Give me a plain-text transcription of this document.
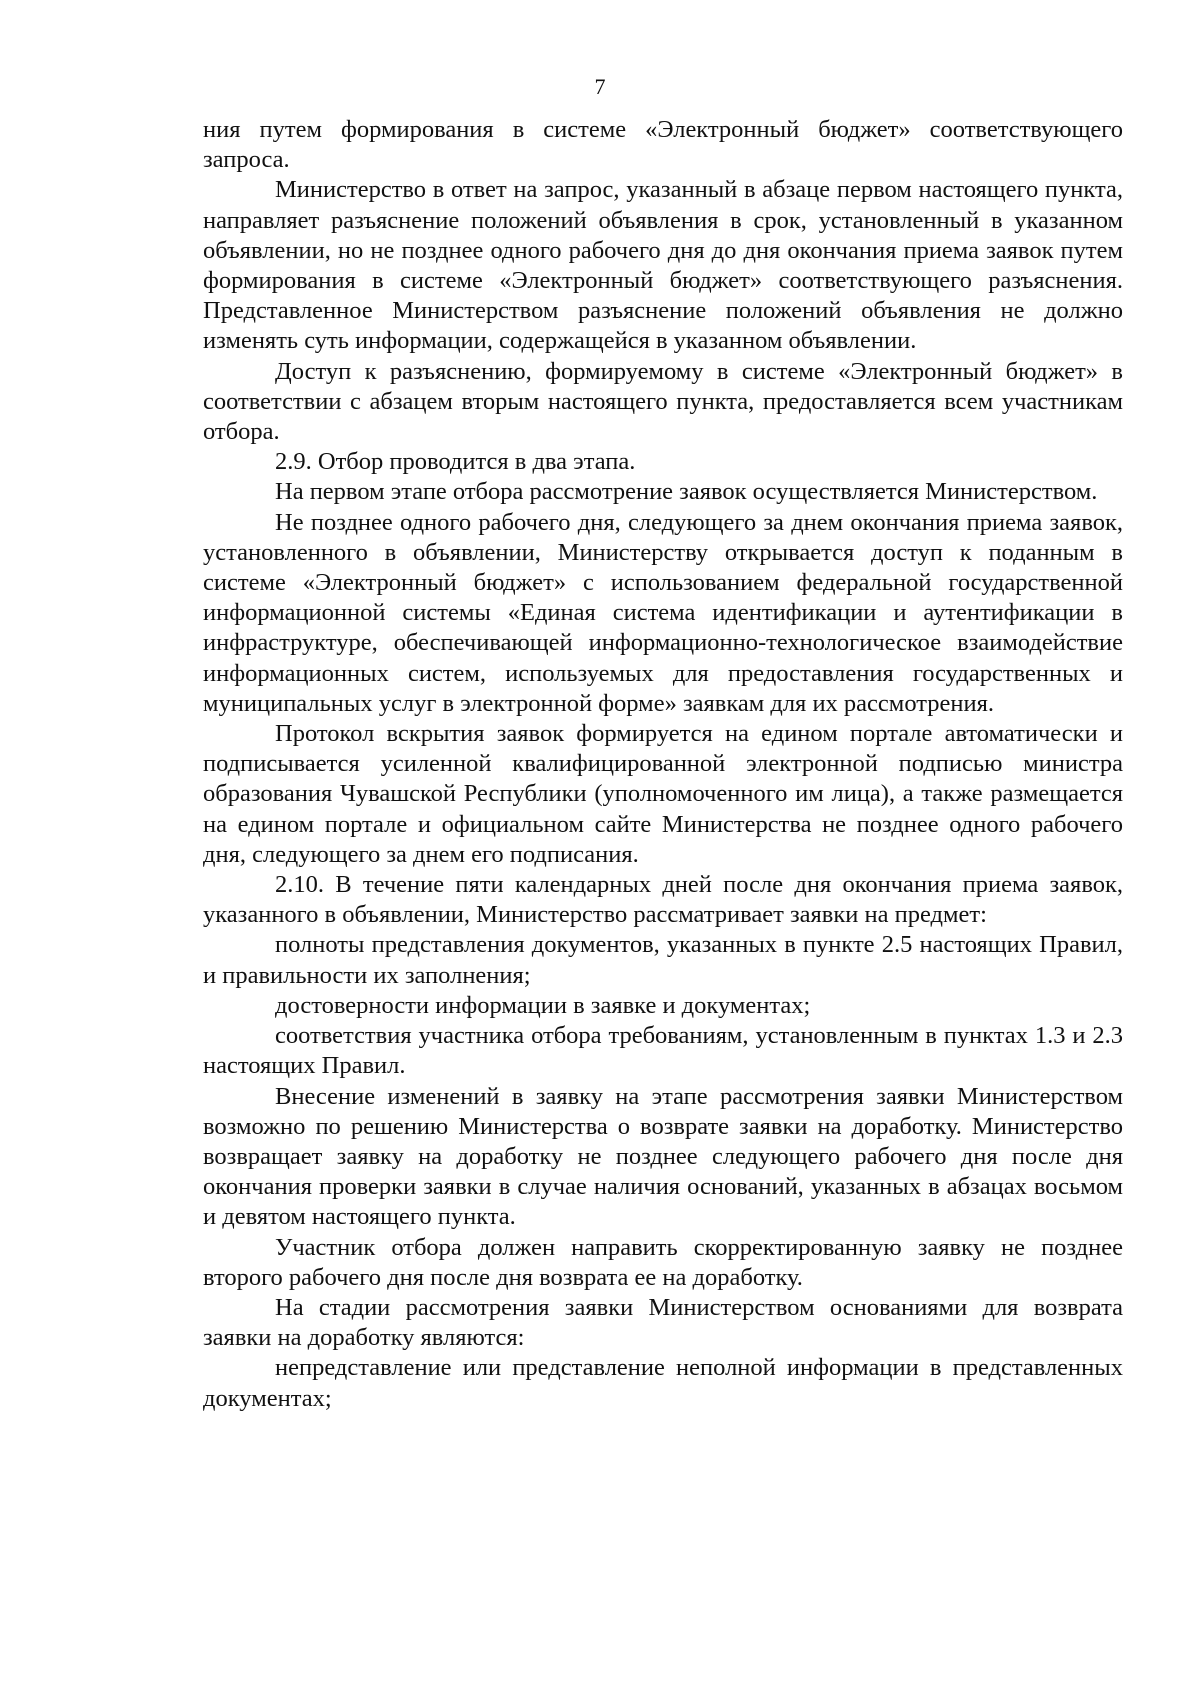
7

ния путем формирования в системе «Электронный бюджет» соответствующего запроса.

Министерство в ответ на запрос, указанный в абзаце первом настоящего пункта, направляет разъяснение положений объявления в срок, установленный в указанном объявлении, но не позднее одного рабочего дня до дня окончания приема заявок путем формирования в системе «Электронный бюджет» соответствующего разъяснения. Представленное Министерством разъяснение положений объявления не должно изменять суть информации, содержащейся в указанном объявлении.

Доступ к разъяснению, формируемому в системе «Электронный бюджет» в соответствии с абзацем вторым настоящего пункта, предоставляется всем участникам отбора.

2.9. Отбор проводится в два этапа.

На первом этапе отбора рассмотрение заявок осуществляется Министерством.

Не позднее одного рабочего дня, следующего за днем окончания приема заявок, установленного в объявлении, Министерству открывается доступ к поданным в системе «Электронный бюджет» с использованием федеральной государственной информационной системы «Единая система идентификации и аутентификации в инфраструктуре, обеспечивающей информационно-технологическое взаимодействие информационных систем, используемых для предоставления государственных и муниципальных услуг в электронной форме» заявкам для их рассмотрения.

Протокол вскрытия заявок формируется на едином портале автоматически и подписывается усиленной квалифицированной электронной подписью министра образования Чувашской Республики (уполномоченного им лица), а также размещается на едином портале и официальном сайте Министерства не позднее одного рабочего дня, следующего за днем его подписания.

2.10. В течение пяти календарных дней после дня окончания приема заявок, указанного в объявлении, Министерство рассматривает заявки на предмет:

полноты представления документов, указанных в пункте 2.5 настоящих Правил, и правильности их заполнения;

достоверности информации в заявке и документах;

соответствия участника отбора требованиям, установленным в пунктах 1.3 и 2.3 настоящих Правил.

Внесение изменений в заявку на этапе рассмотрения заявки Министерством возможно по решению Министерства о возврате заявки на доработку. Министерство возвращает заявку на доработку не позднее следующего рабочего дня после дня окончания проверки заявки в случае наличия оснований, указанных в абзацах восьмом и девятом настоящего пункта.

Участник отбора должен направить скорректированную заявку не позднее второго рабочего дня после дня возврата ее на доработку.

На стадии рассмотрения заявки Министерством основаниями для возврата заявки на доработку являются:

непредставление или представление неполной информации в представленных документах;
